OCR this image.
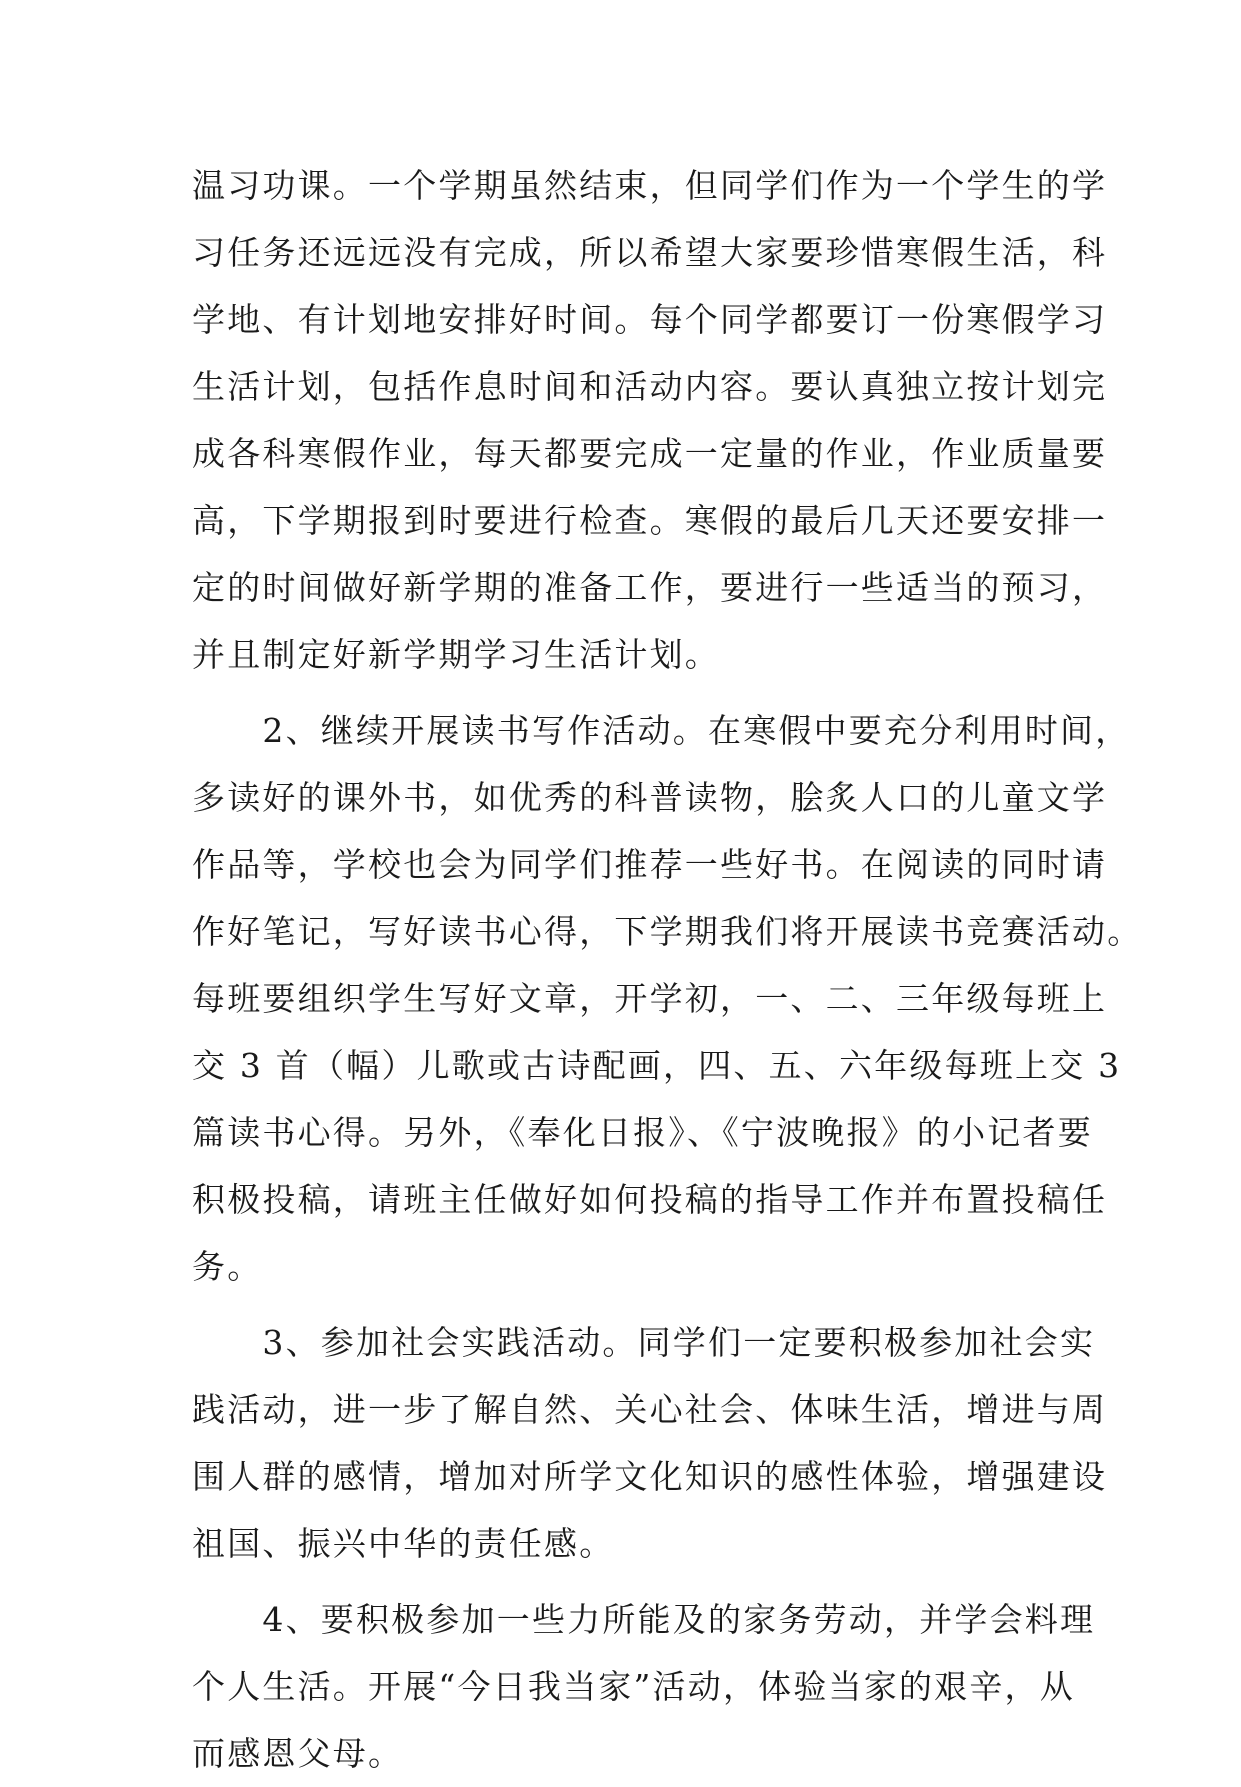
温习功课。一个学期虽然结束，但同学们作为一个学生的学
习任务还远远没有完成，所以希望大家要珍惜寒假生活，科
学地、有计划地安排好时间。每个同学都要订一份寒假学习
生活计划，包括作息时间和活动内容。要认真独立按计划完
成各科寒假作业，每天都要完成一定量的作业，作业质量要
高，下学期报到时要进行检查。寒假的最后几天还要安排一
定的时间做好新学期的准备工作，要进行一些适当的预习，
并且制定好新学期学习生活计划。
　　2、继续开展读书写作活动。在寒假中要充分利用时间，
多读好的课外书，如优秀的科普读物，脍炙人口的儿童文学
作品等，学校也会为同学们推荐一些好书。在阅读的同时请
作好笔记，写好读书心得，下学期我们将开展读书竞赛活动。
每班要组织学生写好文章，开学初，一、二、三年级每班上
交 3 首（幅）儿歌或古诗配画，四、五、六年级每班上交 3
篇读书心得。另外，《奉化日报》、《宁波晚报》的小记者要
积极投稿，请班主任做好如何投稿的指导工作并布置投稿任
务。
　　3、参加社会实践活动。同学们一定要积极参加社会实
践活动，进一步了解自然、关心社会、体味生活，增进与周
围人群的感情，增加对所学文化知识的感性体验，增强建设
祖国、振兴中华的责任感。
　　4、要积极参加一些力所能及的家务劳动，并学会料理
个人生活。开展“今日我当家”活动，体验当家的艰辛，从
而感恩父母。
